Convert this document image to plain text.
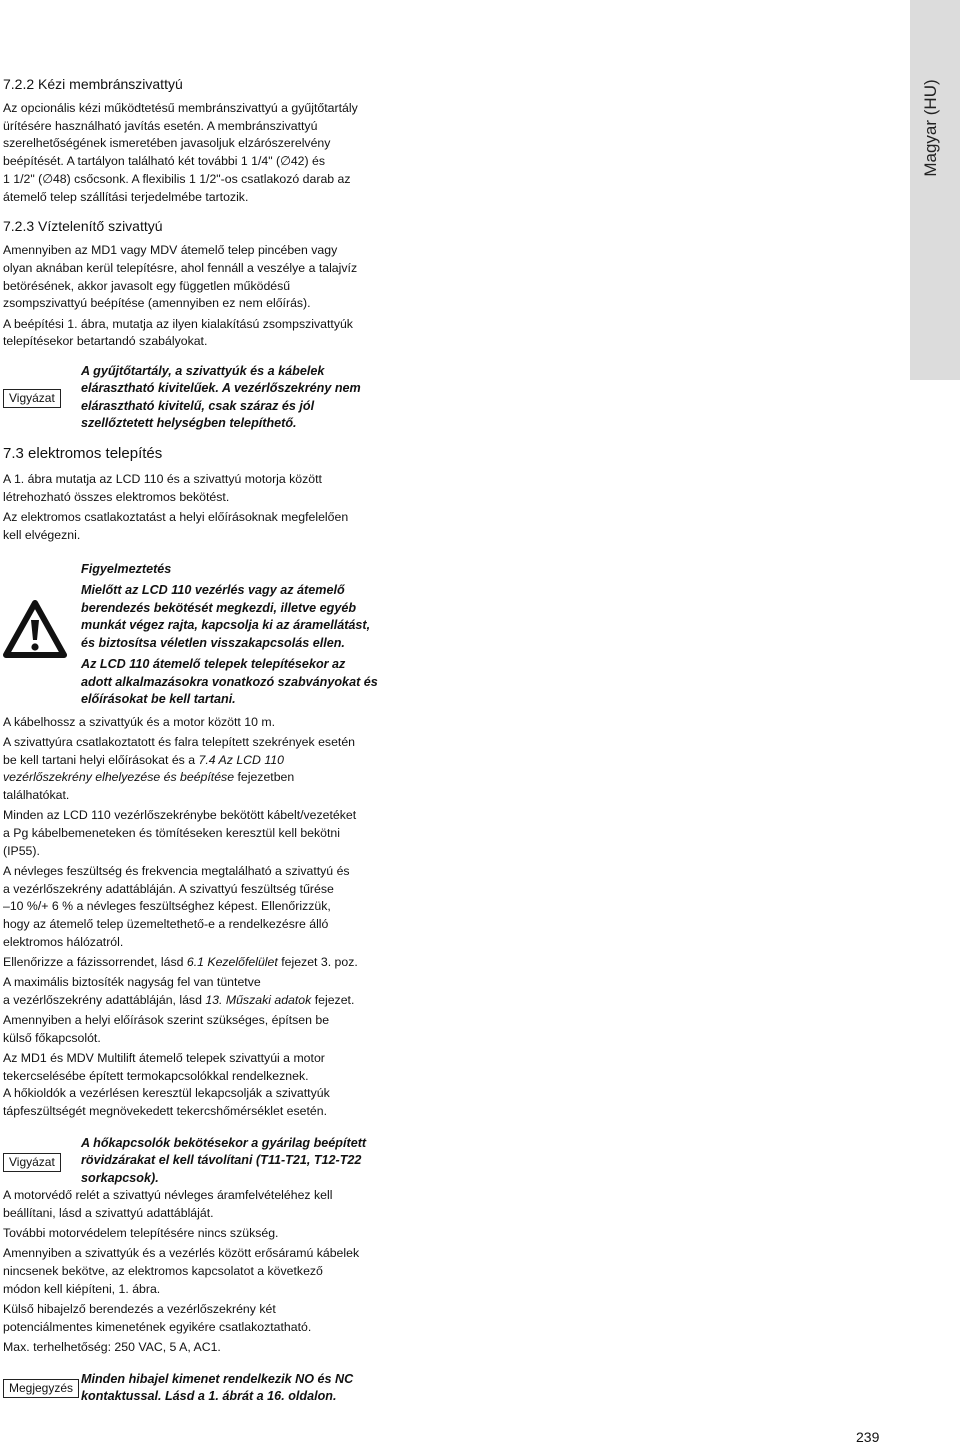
Magyar (HU)
7.2.2 Kézi membránszivattyú
Az opcionális kézi működtetésű membránszivattyú a gyűjtőtartály
ürítésére használható javítás esetén. A membránszivattyú
szerelhetőségének ismeretében javasoljuk elzárószerelvény
beépítését. A tartályon található két további 1 1/4" (∅42) és
1 1/2" (∅48) csőcsonk. A flexibilis 1 1/2"-os csatlakozó darab az
átemelő telep szállítási terjedelmébe tartozik.
7.2.3 Víztelenítő szivattyú
Amennyiben az MD1 vagy MDV átemelő telep pincében vagy
olyan aknában kerül telepítésre, ahol fennáll a veszélye a talajvíz
betörésének, akkor javasolt egy független működésű
zsompszivattyú beépítése (amennyiben ez nem előírás).
A beépítési 1. ábra, mutatja az ilyen kialakítású zsompszivattyúk
telepítésekor betartandó szabályokat.
Vigyázat
A gyűjtőtartály, a szivattyúk és a kábelek
elárasztható kivitelűek. A vezérlőszekrény nem
elárasztható kivitelű, csak száraz és jól
szellőztetett helységben telepíthető.
7.3 elektromos telepítés
A 1. ábra mutatja az LCD 110 és a szivattyú motorja között
létrehozható összes elektromos bekötést.
Az elektromos csatlakoztatást a helyi előírásoknak megfelelően
kell elvégezni.
Figyelmeztetés
Mielőtt az LCD 110 vezérlés vagy az átemelő
berendezés bekötését megkezdi, illetve egyéb
munkát végez rajta, kapcsolja ki az áramellátást,
és biztosítsa véletlen visszakapcsolás ellen.
Az LCD 110 átemelő telepek telepítésekor az
adott alkalmazásokra vonatkozó szabványokat és
előírásokat be kell tartani.
A kábelhossz a szivattyúk és a motor között 10 m.
A szivattyúra csatlakoztatott és falra telepített szekrények esetén
be kell tartani helyi előírásokat és a 7.4 Az LCD 110
vezérlőszekrény elhelyezése és beépítése fejezetben
találhatókat.
Minden az LCD 110 vezérlőszekrénybe bekötött kábelt/vezetéket
a Pg kábelbemeneteken és tömítéseken keresztül kell bekötni
(IP55).
A névleges feszültség és frekvencia megtalálható a szivattyú és
a vezérlőszekrény adattábláján. A szivattyú feszültség tűrése
–10 %/+ 6 % a névleges feszültséghez képest. Ellenőrizzük,
hogy az átemelő telep üzemeltethető-e a rendelkezésre álló
elektromos hálózatról.
Ellenőrizze a fázissorrendet, lásd 6.1 Kezelőfelület fejezet 3. poz.
A maximális biztosíték nagyság fel van tüntetve
a vezérlőszekrény adattábláján, lásd 13. Műszaki adatok fejezet.
Amennyiben a helyi előírások szerint szükséges, építsen be
külső főkapcsolót.
Az MD1 és MDV Multilift átemelő telepek szivattyúi a motor
tekercselésébe épített termokapcsolókkal rendelkeznek.
A hőkioldók a vezérlésen keresztül lekapcsolják a szivattyúk
tápfeszültségét megnövekedett tekercshőmérséklet esetén.
Vigyázat
A hőkapcsolók bekötésekor a gyárilag beépített
rövidzárakat el kell távolítani (T11-T21, T12-T22
sorkapcsok).
A motorvédő relét a szivattyú névleges áramfelvételéhez kell
beállítani, lásd a szivattyú adattábláját.
További motorvédelem telepítésére nincs szükség.
Amennyiben a szivattyúk és a vezérlés között erősáramú kábelek
nincsenek bekötve, az elektromos kapcsolatot a következő
módon kell kiépíteni, 1. ábra.
Külső hibajelző berendezés a vezérlőszekrény két
potenciálmentes kimenetének egyikére csatlakoztatható.
Max. terhelhetőség: 250 VAC, 5 A, AC1.
Megjegyzés
Minden hibajel kimenet rendelkezik NO és NC
kontaktussal. Lásd a 1. ábrát a 16. oldalon.
239
